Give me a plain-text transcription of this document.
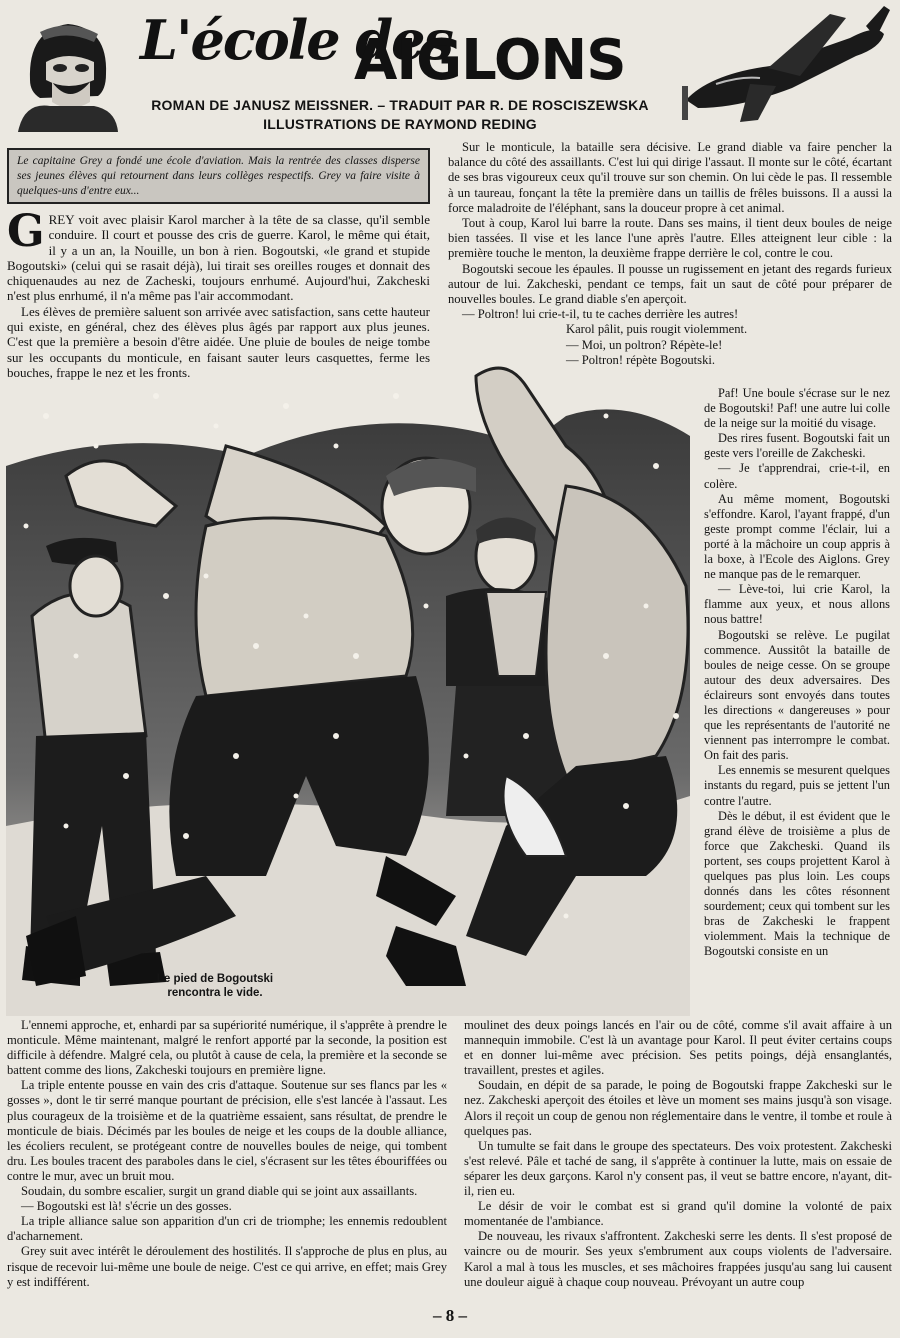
L'école des
AIGLONS
ROMAN DE JANUSZ MEISSNER. – TRADUIT PAR R. DE ROSCISZEWSKA
ILLUSTRATIONS DE RAYMOND REDING
Le capitaine Grey a fondé une école d'aviation. Mais la rentrée des classes disperse ses jeunes élèves qui retournent dans leurs collèges respectifs. Grey va faire visite à quelques-uns d'entre eux...

GREY voit avec plaisir Karol marcher à la tête de sa classe, qu'il semble conduire. Il court et pousse des cris de guerre. Karol, le même qui était, il y a un an, la Nouille, un bon à rien. Bogoutski, «le grand et stupide Bogoutski» (celui qui se rasait déjà), lui tirait ses oreilles rouges et donnait des chiquenaudes au nez de Zacheski, toujours enrhumé. Aujourd'hui, Zakcheski n'est plus enrhumé, il n'a même pas l'air accommodant.

Les élèves de première saluent son arrivée avec satisfaction, sans cette hauteur qui existe, en général, chez des élèves plus âgés par rapport aux plus jeunes. C'est que la première a besoin d'être aidée. Une pluie de boules de neige tombe sur les occupants du monticule, en faisant sauter leurs casquettes, ferme les bouches, frappe le nez et les fronts.

Sur le monticule, la bataille sera décisive. Le grand diable va faire pencher la balance du côté des assaillants. C'est lui qui dirige l'assaut. Il monte sur le côté, écartant de ses bras vigoureux ceux qu'il trouve sur son chemin. On lui cède le pas. Il ressemble à un taureau, fonçant la tête la première dans un taillis de frêles buissons. Il a aussi la force maladroite de l'éléphant, sans la douceur propre à cet animal.

Tout à coup, Karol lui barre la route. Dans ses mains, il tient deux boules de neige bien tassées. Il vise et les lance l'une après l'autre. Elles atteignent leur cible : la première touche le menton, la deuxième frappe derrière le col, contre le cou.

Bogoutski secoue les épaules. Il pousse un rugissement en jetant des regards furieux autour de lui. Zakcheski, pendant ce temps, fait un saut de côté pour préparer de nouvelles boules. Le grand diable s'en aperçoit.

— Poltron! lui crie-t-il, tu te caches derrière les autres!

Karol pâlit, puis rougit violemment.

— Moi, un poltron? Répète-le!

— Poltron! répète Bogoutski.

Paf! Une boule s'écrase sur le nez de Bogoutski! Paf! une autre lui colle de la neige sur la moitié du visage.

Des rires fusent. Bogoutski fait un geste vers l'oreille de Zakcheski.

— Je t'apprendrai, crie-t-il, en colère.

Au même moment, Bogoutski s'effondre. Karol, l'ayant frappé, d'un geste prompt comme l'éclair, lui a porté à la mâchoire un coup appris à la boxe, à l'Ecole des Aiglons. Grey ne manque pas de le remarquer.

— Lève-toi, lui crie Karol, la flamme aux yeux, et nous allons nous battre!

Bogoutski se relève. Le pugilat commence. Aussitôt la bataille de boules de neige cesse. On se groupe autour des deux adversaires. Des éclaireurs sont envoyés dans toutes les directions « dangereuses » pour que les représentants de l'autorité ne viennent pas interrompre le combat. On fait des paris.

Les ennemis se mesurent quelques instants du regard, puis se jettent l'un contre l'autre.

Dès le début, il est évident que le grand élève de troisième a plus de force que Zakcheski. Quand ils portent, ses coups projettent Karol à quelques pas plus loin. Les coups donnés dans les côtes résonnent sourdement; ceux qui tombent sur les bras de Zakcheski le frappent violemment. Mais la technique de Bogoutski consiste en un

Le pied de Bogoutski rencontra le vide.

L'ennemi approche, et, enhardi par sa supériorité numérique, il s'apprête à prendre le monticule. Même maintenant, malgré le renfort apporté par la seconde, la position est difficile à défendre. Malgré cela, ou plutôt à cause de cela, la première et la seconde se battent comme des lions, Zakcheski toujours en première ligne.

La triple entente pousse en vain des cris d'attaque. Soutenue sur ses flancs par les « gosses », dont le tir serré manque pourtant de précision, elle s'est lancée à l'assaut. Les plus courageux de la troisième et de la quatrième essaient, sans résultat, de prendre le monticule de biais. Décimés par les boules de neige et les coups de la double alliance, les écoliers reculent, se protégeant contre de nouvelles boules de neige, qui tombent dru. Les boules tracent des paraboles dans le ciel, s'écrasent sur les têtes ébouriffées ou contre le mur, avec un bruit mou.

Soudain, du sombre escalier, surgit un grand diable qui se joint aux assaillants.

— Bogoutski est là! s'écrie un des gosses.

La triple alliance salue son apparition d'un cri de triomphe; les ennemis redoublent d'acharnement.

Grey suit avec intérêt le déroulement des hostilités. Il s'approche de plus en plus, au risque de recevoir lui-même une boule de neige. C'est ce qui arrive, en effet; mais Grey y est indifférent.

moulinet des deux poings lancés en l'air ou de côté, comme s'il avait affaire à un mannequin immobile. C'est là un avantage pour Karol. Il peut éviter certains coups et en donner lui-même avec précision. Ses petits poings, déjà ensanglantés, travaillent, prestes et agiles.

Soudain, en dépit de sa parade, le poing de Bogoutski frappe Zakcheski sur le nez. Zakcheski aperçoit des étoiles et lève un moment ses mains jusqu'à son visage. Alors il reçoit un coup de genou non réglementaire dans le ventre, il tombe et roule à quelques pas.

Un tumulte se fait dans le groupe des spectateurs. Des voix protestent. Zakcheski s'est relevé. Pâle et taché de sang, il s'apprête à continuer la lutte, mais on essaie de séparer les deux garçons. Karol n'y consent pas, il veut se battre encore, n'ayant, dit-il, rien eu.

Le désir de voir le combat est si grand qu'il domine la volonté de paix momentanée de l'ambiance.

De nouveau, les rivaux s'affrontent. Zakcheski serre les dents. Il s'est proposé de vaincre ou de mourir. Ses yeux s'embrument aux coups violents de l'adversaire. Karol a mal à tous les muscles, et ses mâchoires frappées jusqu'au sang lui causent une douleur aiguë à chaque coup nouveau. Prévoyant un autre coup

– 8 –
